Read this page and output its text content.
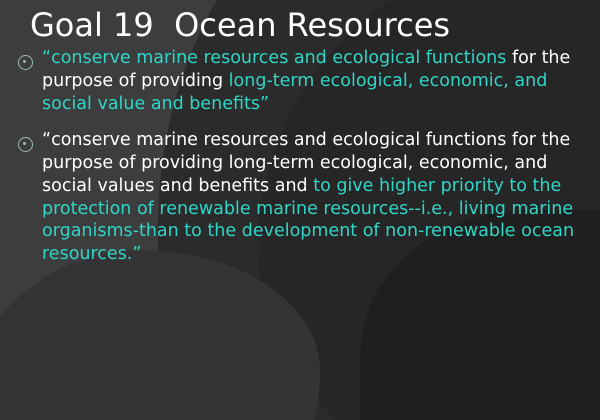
Goal 19  Ocean Resources
“conserve marine resources and ecological functions for the purpose of providing long-term ecological, economic, and social value and benefits”
“conserve marine resources and ecological functions for the purpose of providing long-term ecological, economic, and social values and benefits and to give higher priority to the protection of renewable marine resources--i.e., living marine organisms-than to the development of non-renewable ocean resources.”
